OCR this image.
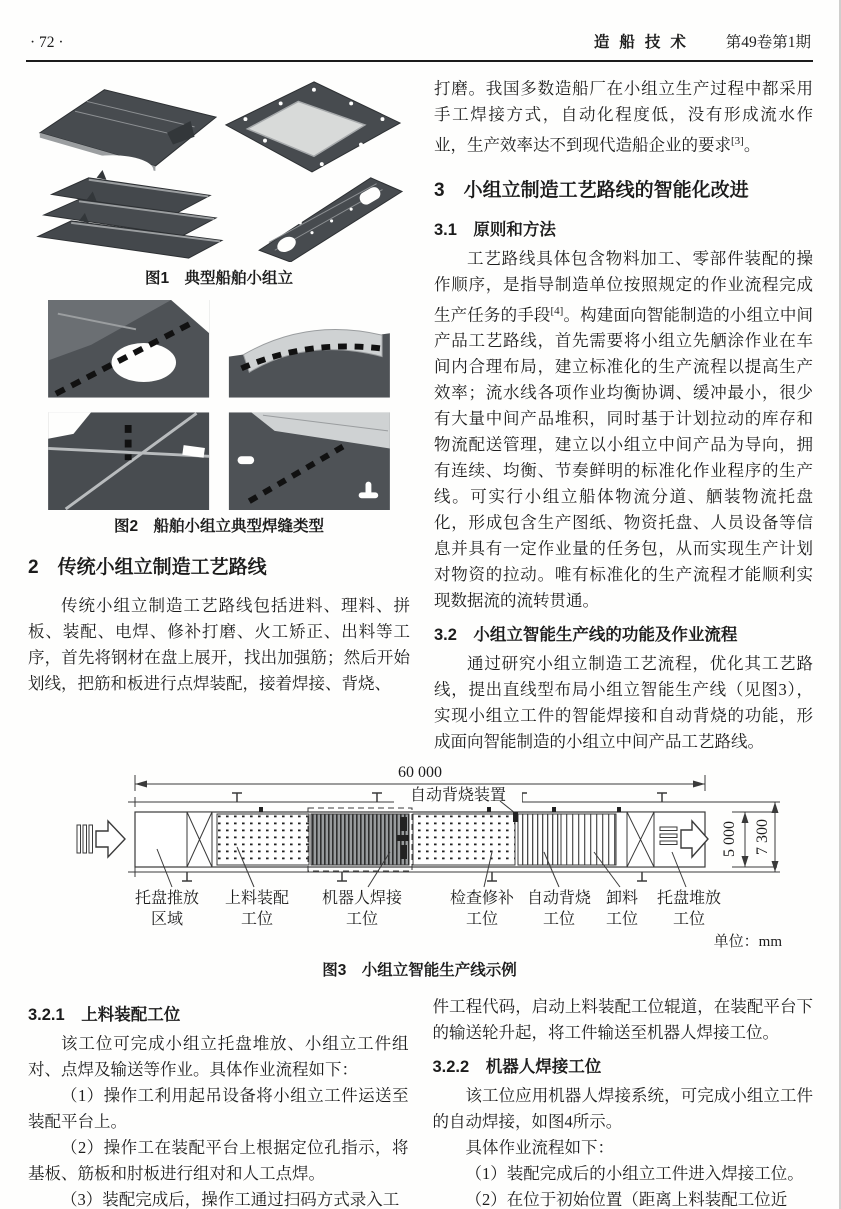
· 72 ·	造船技术 第49卷第1期
图1　典型船舶小组立
图2　船舶小组立典型焊缝类型
2　传统小组立制造工艺路线

传统小组立制造工艺路线包括进料、理料、拼板、装配、电焊、修补打磨、火工矫正、出料等工序，首先将钢材在盘上展开，找出加强筋；然后开始划线，把筋和板进行点焊装配，接着焊接、背烧、

打磨。我国多数造船厂在小组立生产过程中都采用手工焊接方式，自动化程度低，没有形成流水作业，生产效率达不到现代造船企业的要求[3]。

3　小组立制造工艺路线的智能化改进
3.1　原则和方法

工艺路线具体包含物料加工、零部件装配的操作顺序，是指导制造单位按照规定的作业流程完成生产任务的手段[4]。构建面向智能制造的小组立中间产品工艺路线，首先需要将小组立先舾涂作业在车间内合理布局，建立标准化的生产流程以提高生产效率；流水线各项作业均衡协调、缓冲最小，很少有大量中间产品堆积，同时基于计划拉动的库存和物流配送管理，建立以小组立中间产品为导向，拥有连续、均衡、节奏鲜明的标准化作业程序的生产线。可实行小组立船体物流分道、舾装物流托盘化，形成包含生产图纸、物资托盘、人员设备等信息并具有一定作业量的任务包，从而实现生产计划对物资的拉动。唯有标准化的生产流程才能顺利实现数据流的流转贯通。

3.2　小组立智能生产线的功能及作业流程

通过研究小组立制造工艺流程，优化其工艺路线，提出直线型布局小组立智能生产线（见图3），实现小组立工件的智能焊接和自动背烧的功能，形成面向智能制造的小组立中间产品工艺路线。

60 000
5 000 7 300
自动背烧装置
托盘推放
区域
上料装配
工位
机器人焊接
工位
检查修补
工位
自动背烧
工位
卸料
工位
托盘堆放
工位
单位：mm
图3　小组立智能生产线示例
3.2.1　上料装配工位

该工位可完成小组立托盘堆放、小组立工件组对、点焊及输送等作业。具体作业流程如下：

（1）操作工利用起吊设备将小组立工件运送至装配平台上。

（2）操作工在装配平台上根据定位孔指示，将基板、筋板和肘板进行组对和人工点焊。

（3）装配完成后，操作工通过扫码方式录入工

件工程代码，启动上料装配工位辊道，在装配平台下的输送轮升起，将工件输送至机器人焊接工位。

3.2.2　机器人焊接工位

该工位应用机器人焊接系统，可完成小组立工件的自动焊接，如图4所示。

具体作业流程如下：

（1）装配完成后的小组立工件进入焊接工位。

（2）在位于初始位置（距离上料装配工位近
